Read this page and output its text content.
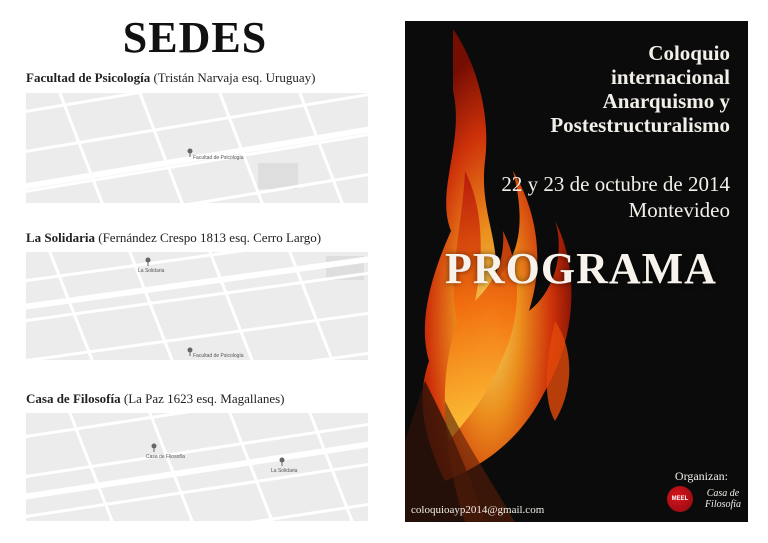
SEDES
Facultad de Psicología (Tristán Narvaja esq. Uruguay)
Facultad de Psicología
La Solidaria (Fernández Crespo 1813 esq. Cerro Largo)
La Solidaria
Facultad de Psicología
Casa de Filosofía (La Paz 1623 esq. Magallanes)
Casa de Filosofía
La Solidaria
Coloquio
internacional
Anarquismo y
Postestructuralismo
22 y 23 de octubre de 2014
Montevideo
PROGRAMA
Organizan:
MEEL	Casa de Filosofía
coloquioayp2014@gmail.com
